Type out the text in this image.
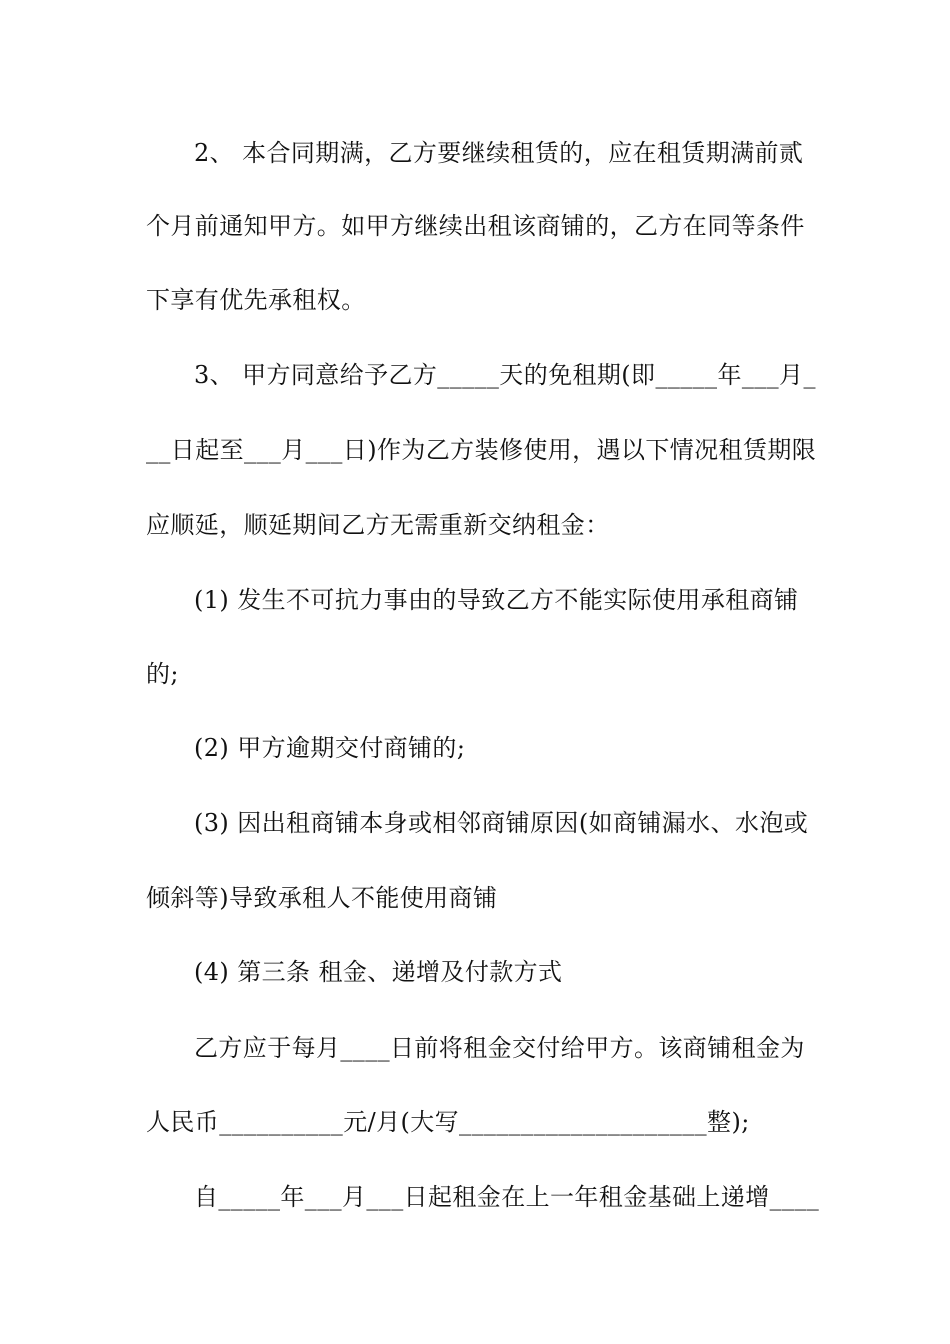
2、 本合同期满，乙方要继续租赁的，应在租赁期满前贰
个月前通知甲方。如甲方继续出租该商铺的，乙方在同等条件
下享有优先承租权。
3、 甲方同意给予乙方_____天的免租期(即_____年___月_
__日起至___月___日)作为乙方装修使用，遇以下情况租赁期限
应顺延，顺延期间乙方无需重新交纳租金：
(1) 发生不可抗力事由的导致乙方不能实际使用承租商铺
的;
(2) 甲方逾期交付商铺的;
(3) 因出租商铺本身或相邻商铺原因(如商铺漏水、水泡或
倾斜等)导致承租人不能使用商铺
(4) 第三条 租金、递增及付款方式
乙方应于每月____日前将租金交付给甲方。该商铺租金为
人民币__________元/月(大写____________________整);
自_____年___月___日起租金在上一年租金基础上递增____
